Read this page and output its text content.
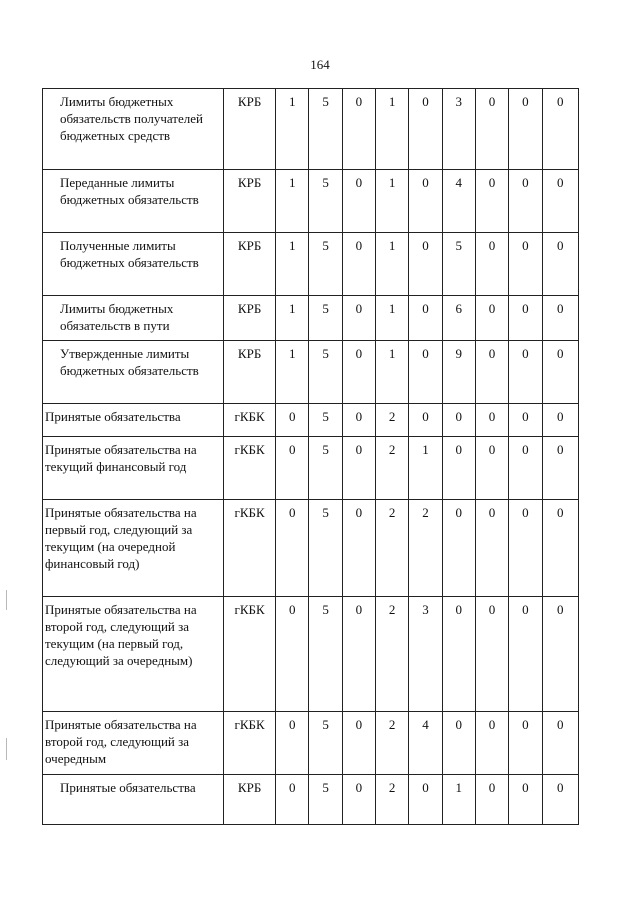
164
Лимиты бюджетных обязательств получателей бюджетных средств	КРБ	1	5	0	1	0	3	0	0	0
Переданные лимиты бюджетных обязательств	КРБ	1	5	0	1	0	4	0	0	0
Полученные лимиты бюджетных обязательств	КРБ	1	5	0	1	0	5	0	0	0
Лимиты бюджетных обязательств в пути	КРБ	1	5	0	1	0	6	0	0	0
Утвержденные лимиты бюджетных обязательств	КРБ	1	5	0	1	0	9	0	0	0
Принятые обязательства	гКБК	0	5	0	2	0	0	0	0	0
Принятые обязательства на текущий финансовый год	гКБК	0	5	0	2	1	0	0	0	0
Принятые обязательства на первый год, следующий за текущим (на очередной финансовый год)	гКБК	0	5	0	2	2	0	0	0	0
Принятые обязательства на второй год, следующий за текущим (на первый год, следующий за очередным)	гКБК	0	5	0	2	3	0	0	0	0
Принятые обязательства на второй год, следующий за очередным	гКБК	0	5	0	2	4	0	0	0	0
Принятые обязательства	КРБ	0	5	0	2	0	1	0	0	0
